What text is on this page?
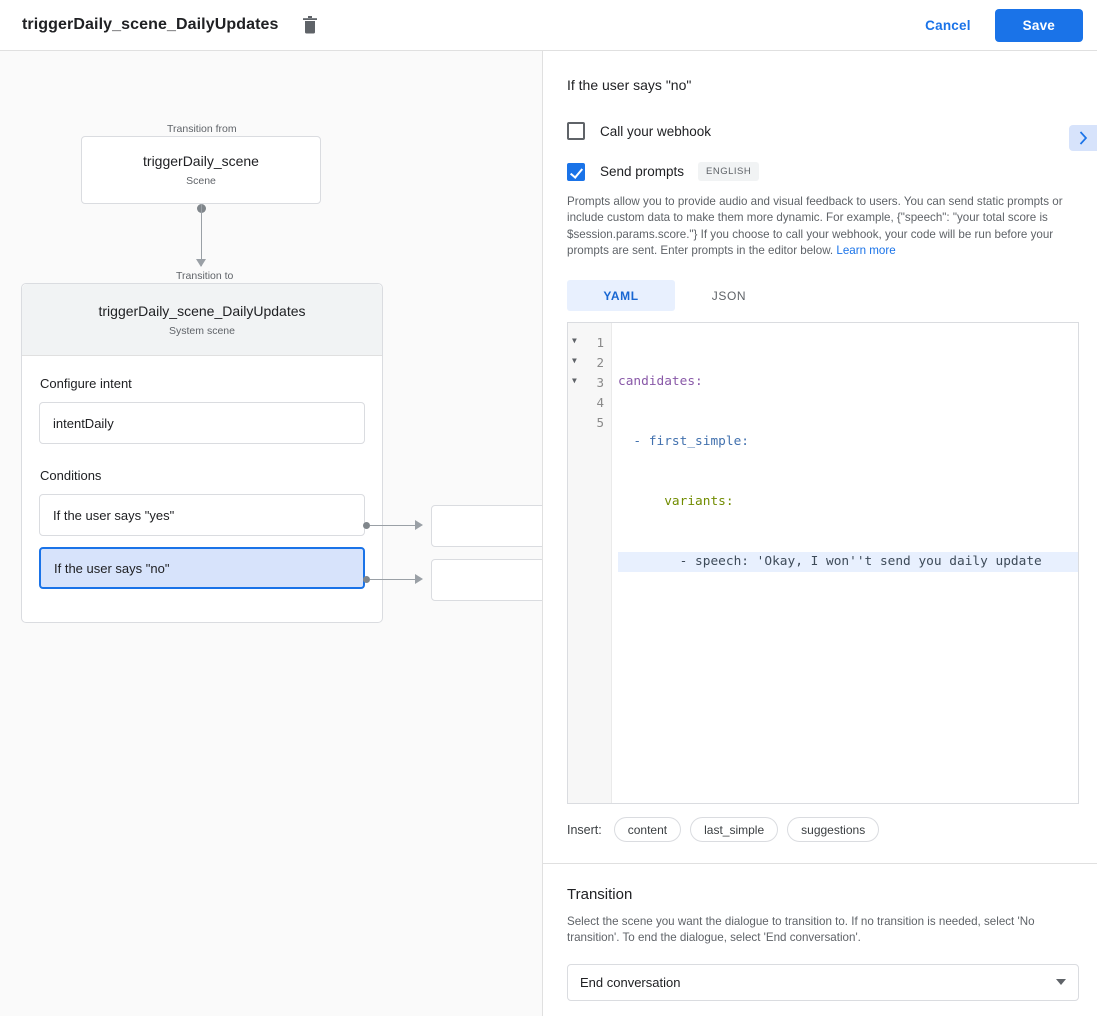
triggerDaily_scene_DailyUpdates	Cancel	Save
Transition from
triggerDaily_scene
Scene
Transition to
triggerDaily_scene_DailyUpdates
System scene
Configure intent
intentDaily
Conditions
If the user says "yes"
If the user says "no"
If the user says "no"
Call your webhook
Send prompts	ENGLISH
Prompts allow you to provide audio and visual feedback to users. You can send static prompts or include custom data to make them more dynamic. For example, {"speech": "your total score is $session.params.score."} If you choose to call your webhook, your code will be run before your prompts are sent. Enter prompts in the editor below. Learn more
YAML	JSON
▼ 1
▼ 2
▼ 3
4
5

candidates:

- first_simple:

variants:

- speech: 'Okay, I won''t send you daily update

Insert:	content	last_simple	suggestions
Transition
Select the scene you want the dialogue to transition to. If no transition is needed, select 'No transition'. To end the dialogue, select 'End conversation'.
End conversation
